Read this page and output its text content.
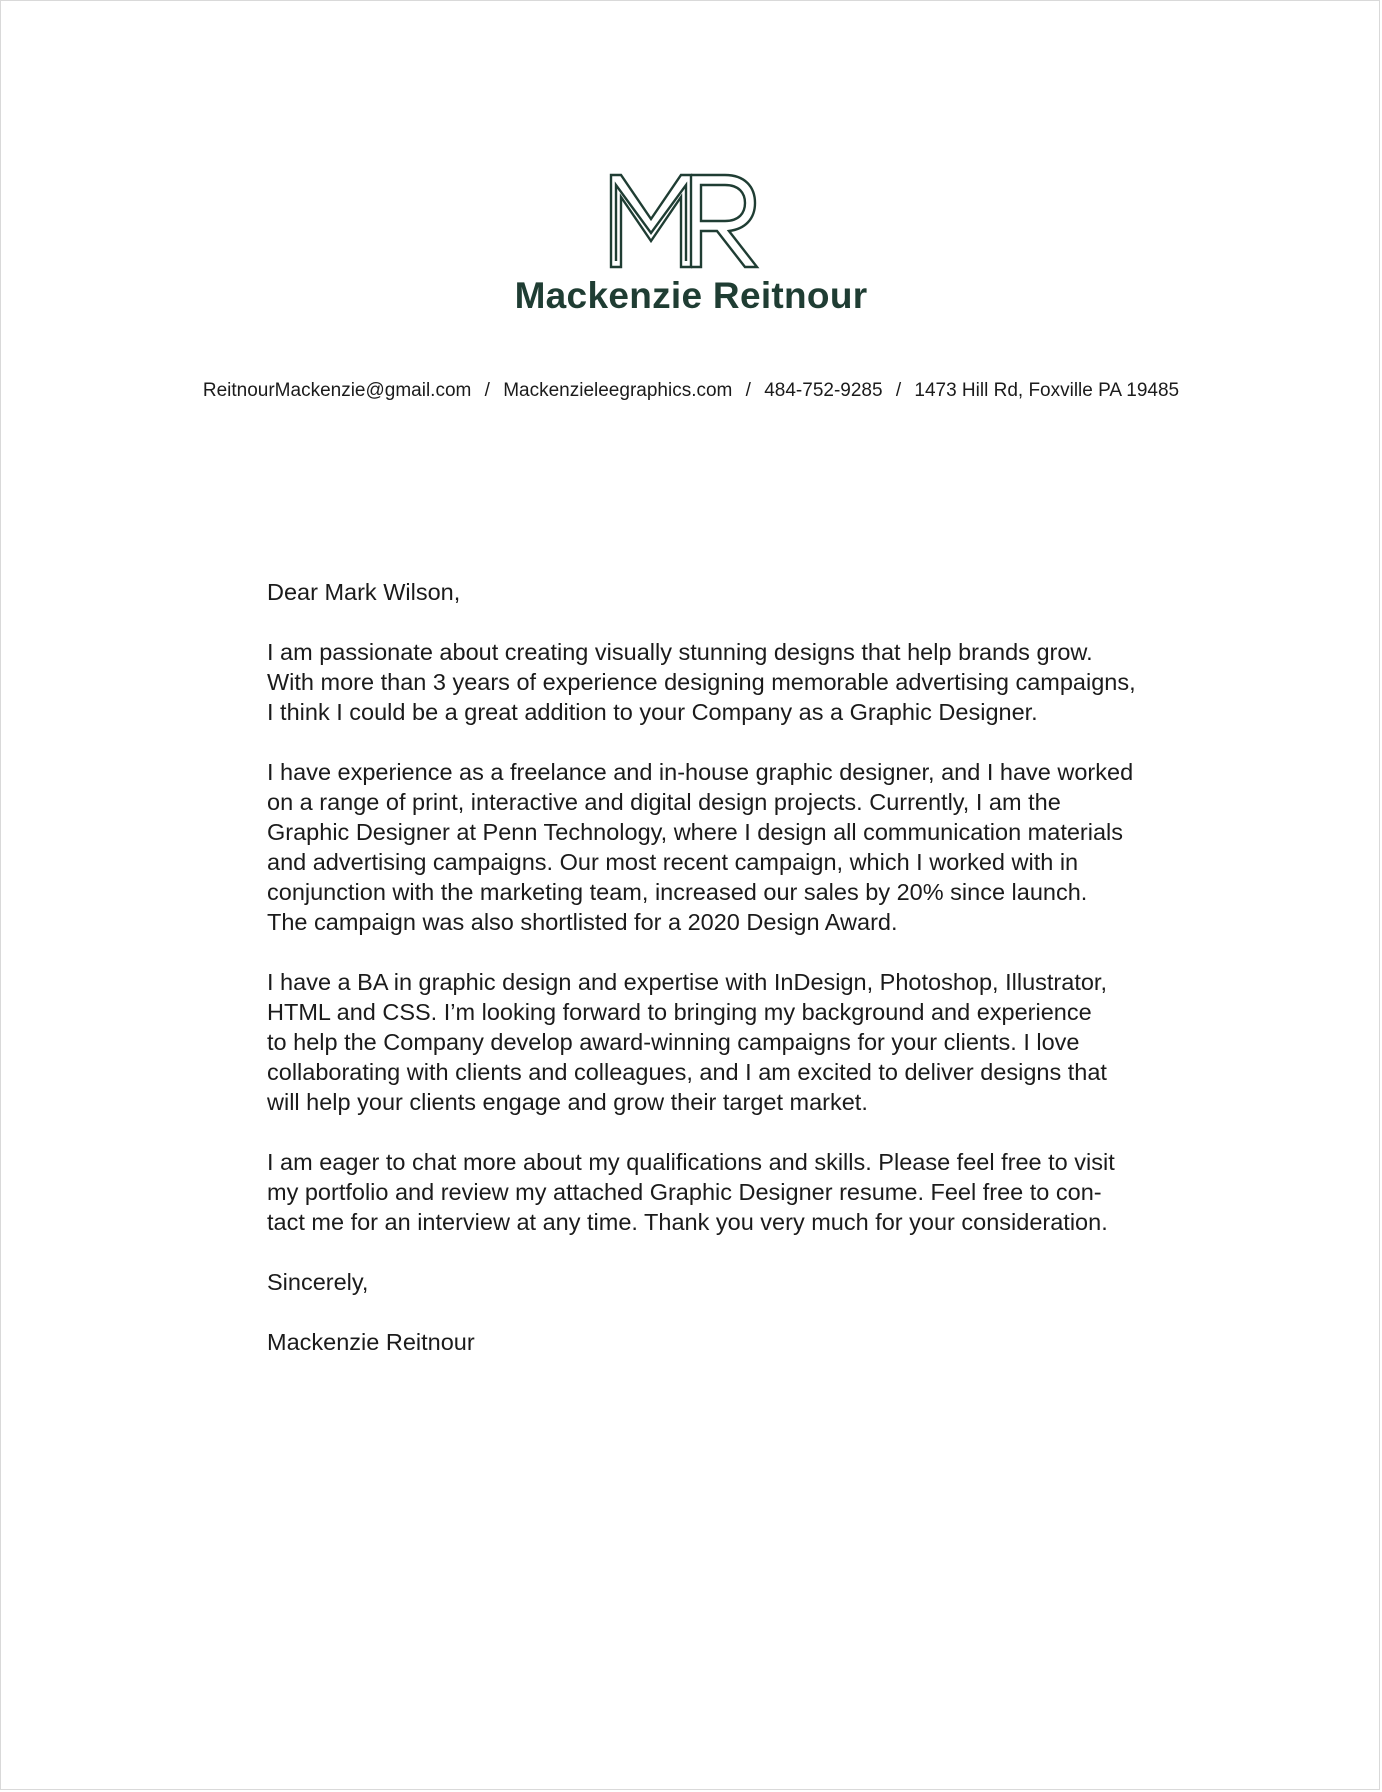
Mackenzie Reitnour
ReitnourMackenzie@gmail.com / Mackenzieleegraphics.com / 484-752-9285 / 1473 Hill Rd, Foxville PA 19485

Dear Mark Wilson,

I am passionate about creating visually stunning designs that help brands grow.
With more than 3 years of experience designing memorable advertising campaigns,
I think I could be a great addition to your Company as a Graphic Designer.

I have experience as a freelance and in-house graphic designer, and I have worked
on a range of print, interactive and digital design projects. Currently, I am the
Graphic Designer at Penn Technology, where I design all communication materials
and advertising campaigns. Our most recent campaign, which I worked with in
conjunction with the marketing team, increased our sales by 20% since launch.
The campaign was also shortlisted for a 2020 Design Award.

I have a BA in graphic design and expertise with InDesign, Photoshop, Illustrator,
HTML and CSS. I’m looking forward to bringing my background and experience
to help the Company develop award-winning campaigns for your clients. I love
collaborating with clients and colleagues, and I am excited to deliver designs that
will help your clients engage and grow their target market.

I am eager to chat more about my qualifications and skills. Please feel free to visit
my portfolio and review my attached Graphic Designer resume. Feel free to con-
tact me for an interview at any time. Thank you very much for your consideration.

Sincerely,

Mackenzie Reitnour
